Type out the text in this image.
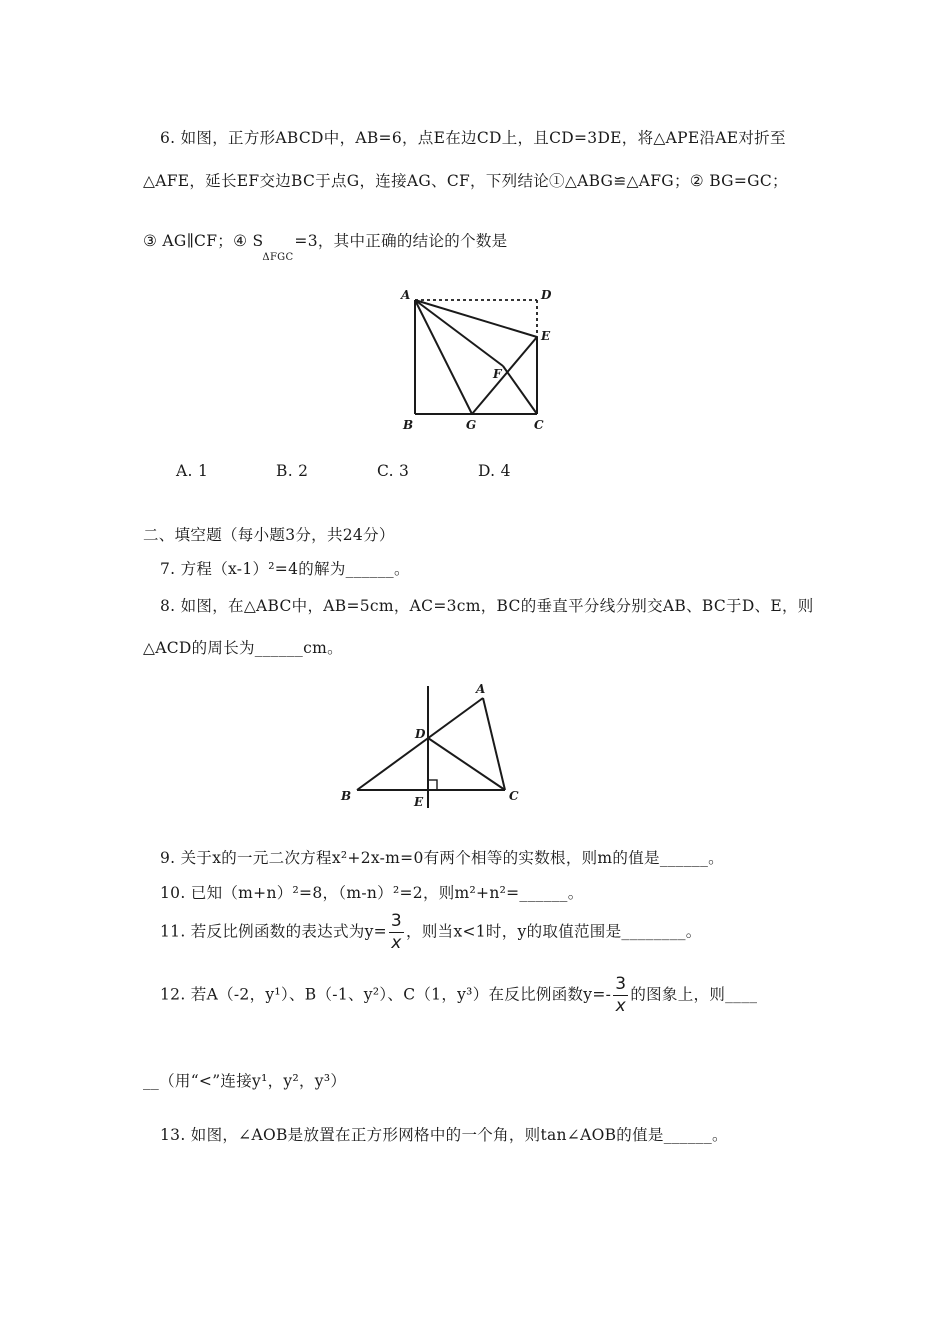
6. 如图，正方形ABCD中，AB=6，点E在边CD上，且CD=3DE，将△APE沿AE对折至
△AFE，延长EF交边BC于点G，连接AG、CF，下列结论①△ABG≌△AFG；② BG=GC；
③ AG∥CF；④ $S_{\Delta FGC}=3$，其中正确的结论的个数是
A	D
E
F
B	G	C
A. 1	B. 2	C. 3	D. 4
二、填空题（每小题3分，共24分）
7. 方程（x-1）²=4的解为______。
8. 如图，在△ABC中，AB=5cm，AC=3cm，BC的垂直平分线分别交AB、BC于D、E，则
△ACD的周长为______cm。
A
D
B	E	C
9. 关于x的一元二次方程x²+2x-m=0有两个相等的实数根，则m的值是______。
10. 已知（m+n）²=8，（m-n）²=2，则m²+n²=______。
11. 若反比例函数的表达式为$y= \frac{3}{x}$ ，则当x<1时，y的取值范围是________。
12. 若A（-2，y¹）、B（-1、y²）、C（1，y³）在反比例函数$y=- \frac{3}{x}$ 的图象上，则____
__（用“<”连接y¹，y²，y³）
13. 如图，∠AOB是放置在正方形网格中的一个角，则tan∠AOB的值是______。
